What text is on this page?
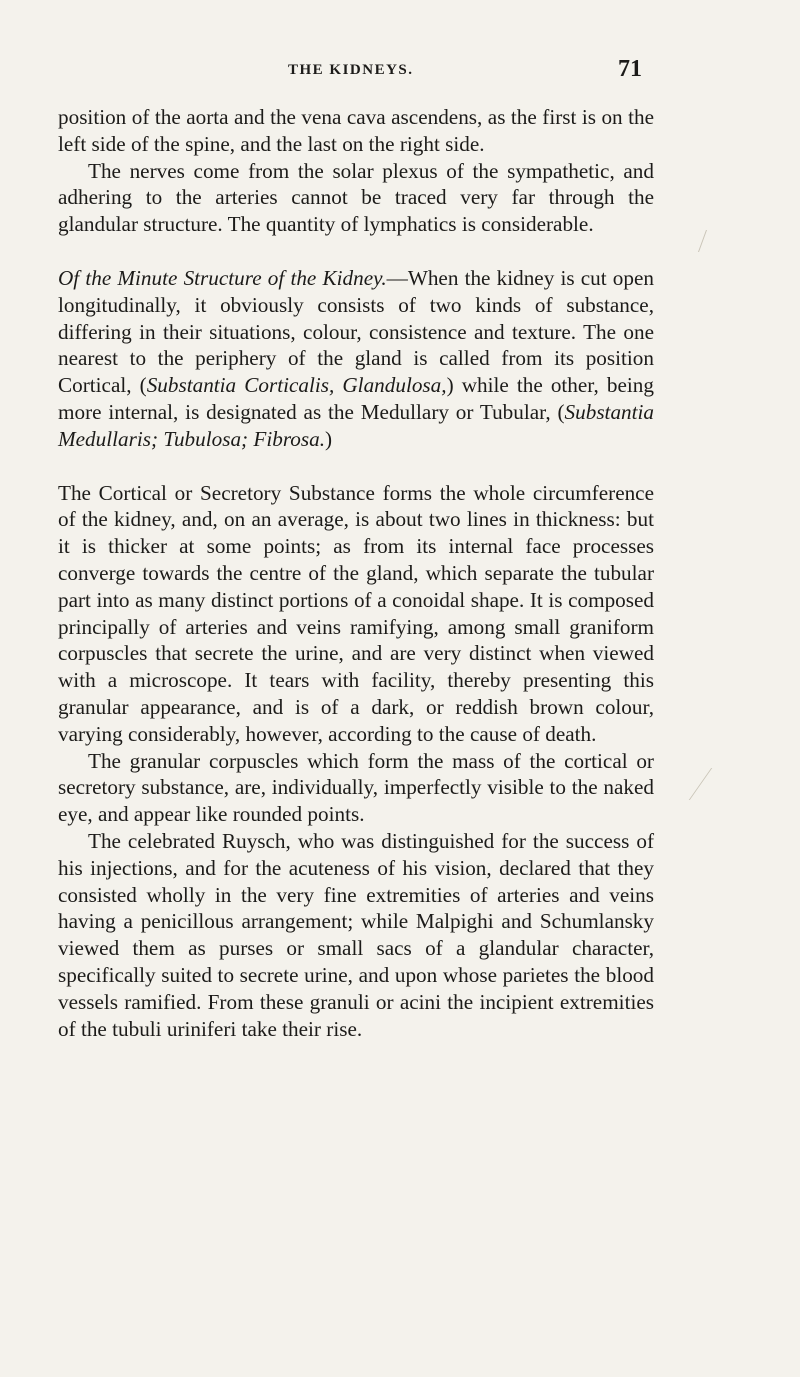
THE KIDNEYS.	71

position of the aorta and the vena cava ascendens, as the first is on the left side of the spine, and the last on the right side.

The nerves come from the solar plexus of the sympathetic, and adhering to the arteries cannot be traced very far through the glandular structure. The quantity of lymphatics is considerable.

Of the Minute Structure of the Kidney.—When the kidney is cut open longitudinally, it obviously consists of two kinds of substance, differing in their situations, colour, consistence and texture. The one nearest to the periphery of the gland is called from its position Cortical, (Substantia Corticalis, Glandulosa,) while the other, being more internal, is designated as the Medullary or Tubular, (Substantia Medullaris; Tubulosa; Fibrosa.)

The Cortical or Secretory Substance forms the whole circumference of the kidney, and, on an average, is about two lines in thickness: but it is thicker at some points; as from its internal face processes converge towards the centre of the gland, which separate the tubular part into as many distinct portions of a conoidal shape. It is composed principally of arteries and veins ramifying, among small graniform corpuscles that secrete the urine, and are very distinct when viewed with a microscope. It tears with facility, thereby presenting this granular appearance, and is of a dark, or reddish brown colour, varying considerably, however, according to the cause of death.

The granular corpuscles which form the mass of the cortical or secretory substance, are, individually, imperfectly visible to the naked eye, and appear like rounded points.

The celebrated Ruysch, who was distinguished for the success of his injections, and for the acuteness of his vision, declared that they consisted wholly in the very fine extremities of arteries and veins having a penicillous arrangement; while Malpighi and Schumlansky viewed them as purses or small sacs of a glandular character, specifically suited to secrete urine, and upon whose parietes the blood vessels ramified. From these granuli or acini the incipient extremities of the tubuli uriniferi take their rise.
